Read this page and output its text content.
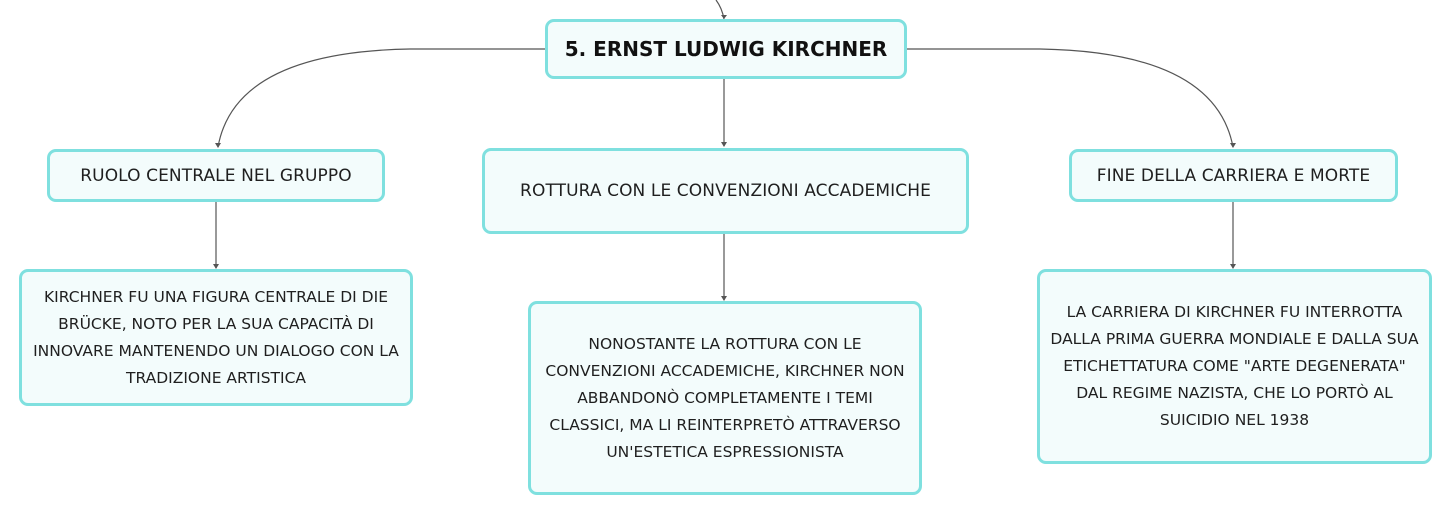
5. ERNST LUDWIG KIRCHNER
RUOLO CENTRALE NEL GRUPPO
ROTTURA CON LE CONVENZIONI ACCADEMICHE
FINE DELLA CARRIERA E MORTE
KIRCHNER FU UNA FIGURA CENTRALE DI DIE BRÜCKE, NOTO PER LA SUA CAPACITÀ DI INNOVARE MANTENENDO UN DIALOGO CON LA TRADIZIONE ARTISTICA
NONOSTANTE LA ROTTURA CON LE CONVENZIONI ACCADEMICHE, KIRCHNER NON ABBANDONÒ COMPLETAMENTE I TEMI CLASSICI, MA LI REINTERPRETÒ ATTRAVERSO UN'ESTETICA ESPRESSIONISTA
LA CARRIERA DI KIRCHNER FU INTERROTTA DALLA PRIMA GUERRA MONDIALE E DALLA SUA ETICHETTATURA COME "ARTE DEGENERATA" DAL REGIME NAZISTA, CHE LO PORTÒ AL SUICIDIO NEL 1938
